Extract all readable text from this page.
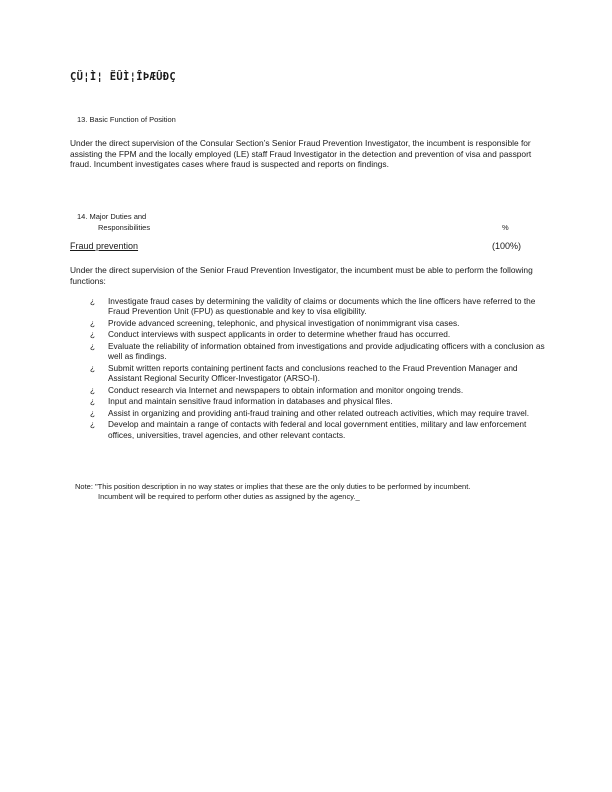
ÇÜ¦Ì¦ ËÛÌ¦ÎÞÆÛÐÇ
13. Basic Function of Position
Under the direct supervision of the Consular Section’s Senior Fraud Prevention Investigator, the incumbent is responsible for assisting the FPM and the locally employed (LE) staff Fraud Investigator in the detection and prevention of visa and passport fraud. Incumbent investigates cases where fraud is suspected and reports on findings.
14. Major Duties and
Responsibilities	%
Fraud prevention	(100%)
Under the direct supervision of the Senior Fraud Prevention Investigator, the incumbent must be able to perform the following functions:
¿ Investigate fraud cases by determining the validity of claims or documents which the line officers have referred to the Fraud Prevention Unit (FPU) as questionable and key to visa eligibility.
¿ Provide advanced screening, telephonic, and physical investigation of nonimmigrant visa cases.
¿ Conduct interviews with suspect applicants in order to determine whether fraud has occurred.
¿ Evaluate the reliability of information obtained from investigations and provide adjudicating officers with a conclusion as well as findings.
¿ Submit written reports containing pertinent facts and conclusions reached to the Fraud Prevention Manager and Assistant Regional Security Officer-Investigator (ARSO-I).
¿ Conduct research via Internet and newspapers to obtain information and monitor ongoing trends.
¿ Input and maintain sensitive fraud information in databases and physical files.
¿ Assist in organizing and providing anti-fraud training and other related outreach activities, which may require travel.
¿ Develop and maintain a range of contacts with federal and local government entities, military and law enforcement offices, universities, travel agencies, and other relevant contacts.
Note: "This position description in no way states or implies that these are the only duties to be performed by incumbent.
Incumbent will be required to perform other duties as assigned by the agency._
